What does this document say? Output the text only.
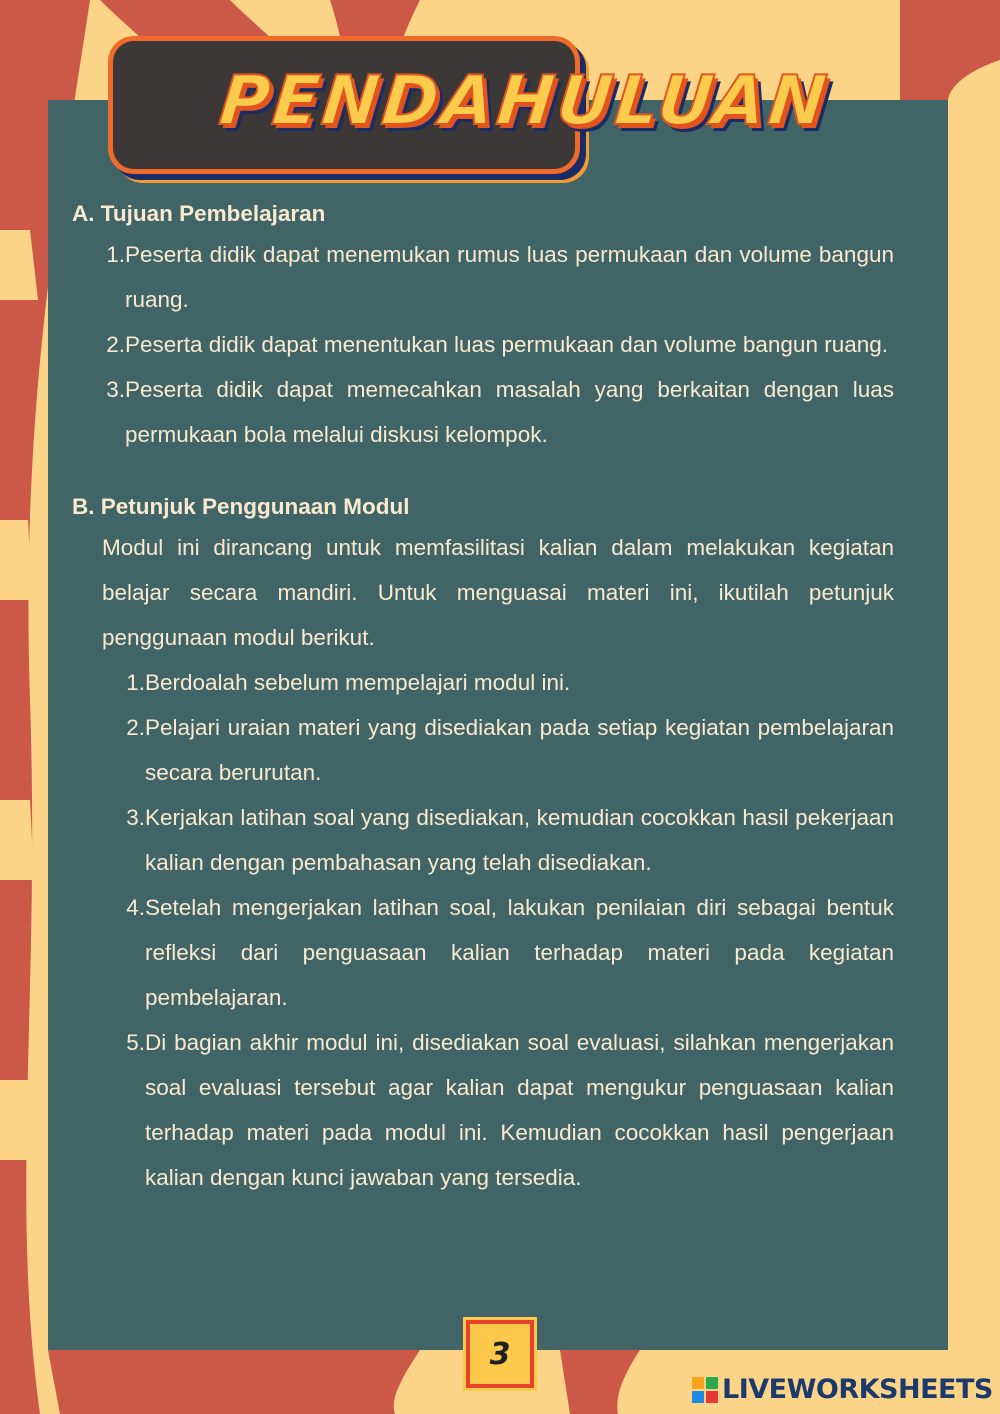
PENDAHULUAN
A. Tujuan Pembelajaran
1. Peserta didik dapat menemukan rumus luas permukaan dan volume bangun ruang.
2. Peserta didik dapat menentukan luas permukaan dan volume bangun ruang.
3. Peserta didik dapat memecahkan masalah yang berkaitan dengan luas permukaan bola melalui diskusi kelompok.
B. Petunjuk Penggunaan Modul

Modul ini dirancang untuk memfasilitasi kalian dalam melakukan kegiatan belajar secara mandiri. Untuk menguasai materi ini, ikutilah petunjuk penggunaan modul berikut.

1. Berdoalah sebelum mempelajari modul ini.
2. Pelajari uraian materi yang disediakan pada setiap kegiatan pembelajaran secara berurutan.
3. Kerjakan latihan soal yang disediakan, kemudian cocokkan hasil pekerjaan kalian dengan pembahasan yang telah disediakan.
4. Setelah mengerjakan latihan soal, lakukan penilaian diri sebagai bentuk refleksi dari penguasaan kalian terhadap materi pada kegiatan pembelajaran.
5. Di bagian akhir modul ini, disediakan soal evaluasi, silahkan mengerjakan soal evaluasi tersebut agar kalian dapat mengukur penguasaan kalian terhadap materi pada modul ini. Kemudian cocokkan hasil pengerjaan kalian dengan kunci jawaban yang tersedia.
3
LIVEWORKSHEETS
